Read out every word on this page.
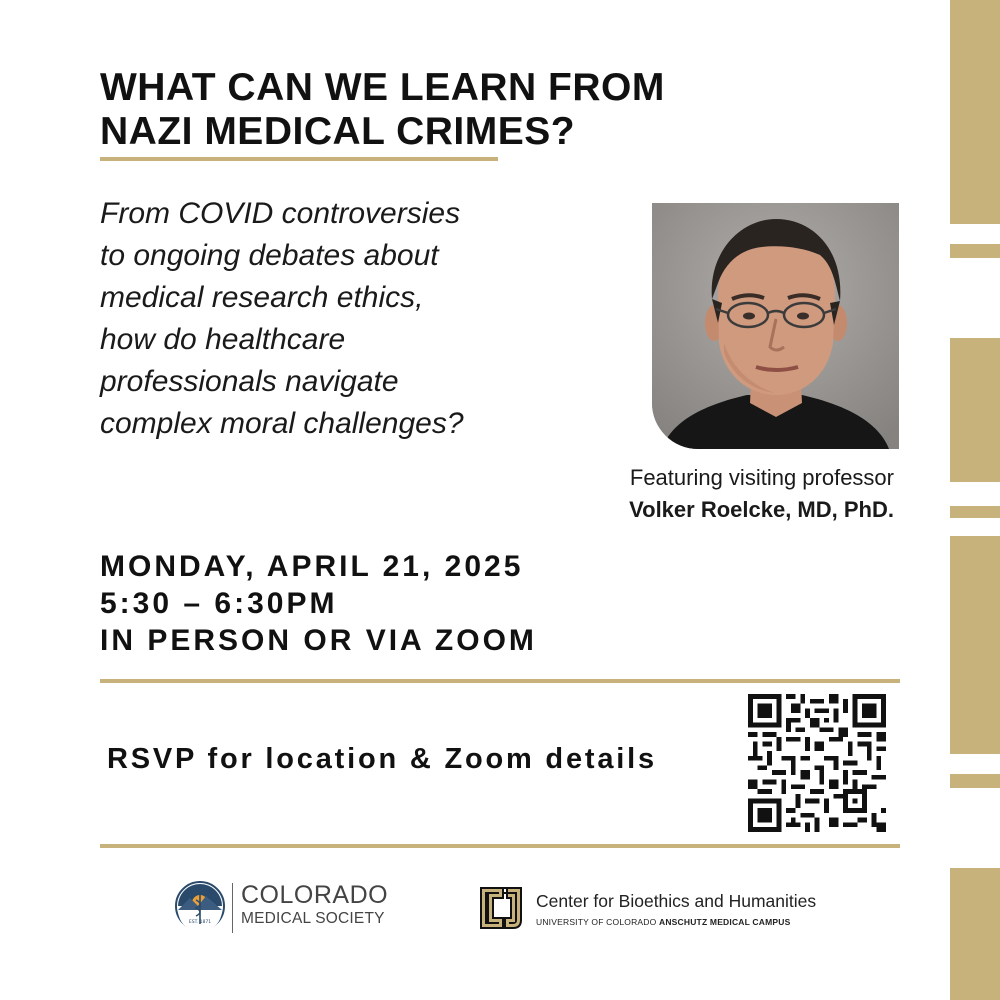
WHAT CAN WE LEARN FROM
NAZI MEDICAL CRIMES?

From COVID controversies
to ongoing debates about
medical research ethics,
how do healthcare
professionals navigate
complex moral challenges?

Featuring visiting professor
Volker Roelcke, MD, PhD.
MONDAY, APRIL 21, 2025
5:30 – 6:30PM
IN PERSON OR VIA ZOOM
RSVP for location & Zoom details
EST. 1871
COLORADO
MEDICAL SOCIETY
Center for Bioethics and Humanities
UNIVERSITY OF COLORADO ANSCHUTZ MEDICAL CAMPUS
